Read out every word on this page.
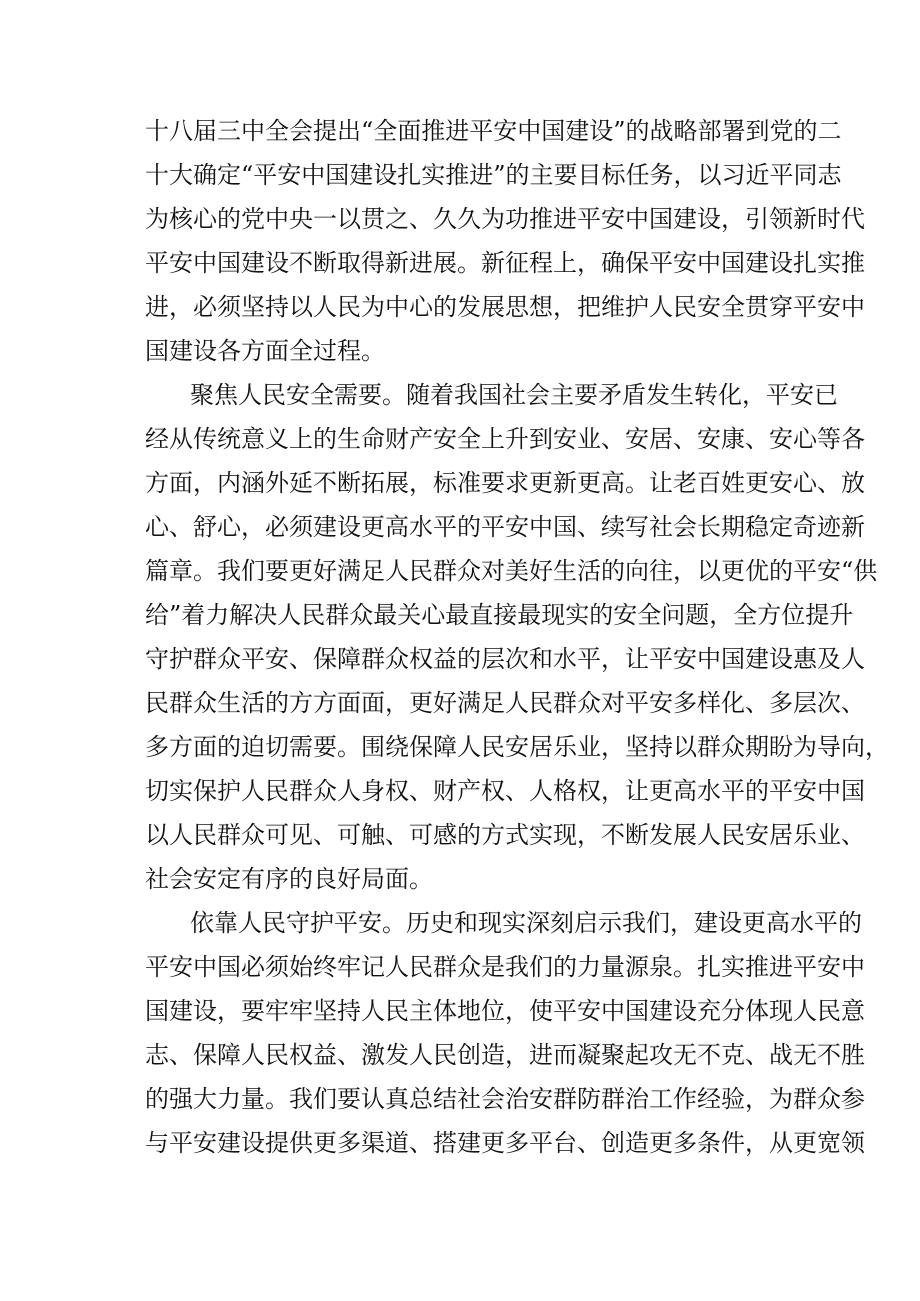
十八届三中全会提出“全面推进平安中国建设”的战略部署到党的二
十大确定“平安中国建设扎实推进”的主要目标任务，以习近平同志
为核心的党中央一以贯之、久久为功推进平安中国建设，引领新时代
平安中国建设不断取得新进展。新征程上，确保平安中国建设扎实推
进，必须坚持以人民为中心的发展思想，把维护人民安全贯穿平安中
国建设各方面全过程。
聚焦人民安全需要。随着我国社会主要矛盾发生转化，平安已
经从传统意义上的生命财产安全上升到安业、安居、安康、安心等各
方面，内涵外延不断拓展，标准要求更新更高。让老百姓更安心、放
心、舒心，必须建设更高水平的平安中国、续写社会长期稳定奇迹新
篇章。我们要更好满足人民群众对美好生活的向往，以更优的平安“供
给”着力解决人民群众最关心最直接最现实的安全问题，全方位提升
守护群众平安、保障群众权益的层次和水平，让平安中国建设惠及人
民群众生活的方方面面，更好满足人民群众对平安多样化、多层次、
多方面的迫切需要。围绕保障人民安居乐业，坚持以群众期盼为导向，
切实保护人民群众人身权、财产权、人格权，让更高水平的平安中国
以人民群众可见、可触、可感的方式实现，不断发展人民安居乐业、
社会安定有序的良好局面。
依靠人民守护平安。历史和现实深刻启示我们，建设更高水平的
平安中国必须始终牢记人民群众是我们的力量源泉。扎实推进平安中
国建设，要牢牢坚持人民主体地位，使平安中国建设充分体现人民意
志、保障人民权益、激发人民创造，进而凝聚起攻无不克、战无不胜
的强大力量。我们要认真总结社会治安群防群治工作经验，为群众参
与平安建设提供更多渠道、搭建更多平台、创造更多条件，从更宽领
